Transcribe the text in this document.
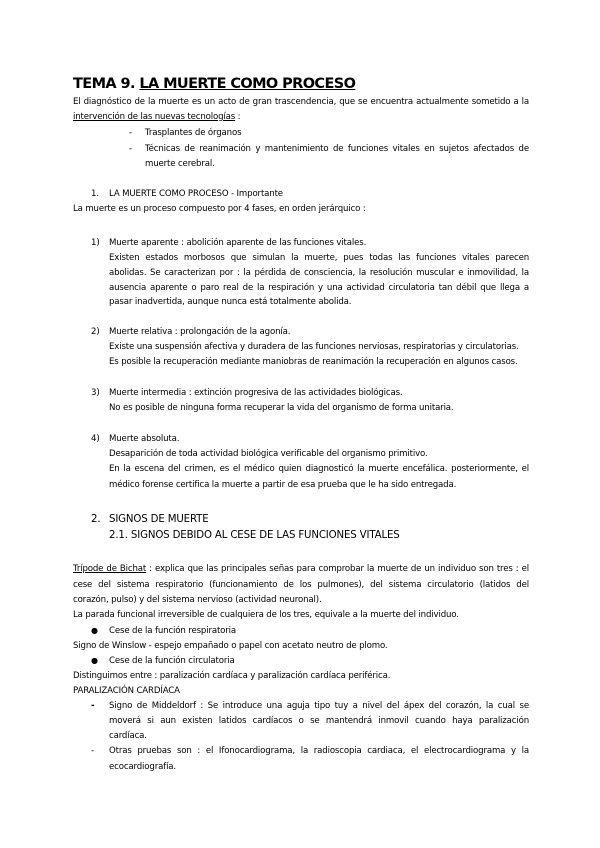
TEMA 9. LA MUERTE COMO PROCESO
El diagnóstico de la muerte es un acto de gran trascendencia, que se encuentra actualmente sometido a la
intervención de las nuevas tecnologías :
- Trasplantes de órganos
- Técnicas de reanimación y mantenimiento de funciones vitales en sujetos afectados de
muerte cerebral.
1. LA MUERTE COMO PROCESO - Importante
La muerte es un proceso compuesto por 4 fases, en orden jerárquico :
1) Muerte aparente : abolición aparente de las funciones vitales.
Existen estados morbosos que simulan la muerte, pues todas las funciones vitales parecen
abolidas. Se caracterizan por : la pérdida de consciencia, la resolución muscular e inmovilidad, la
ausencia aparente o paro real de la respiración y una actividad circulatoria tan débil que llega a
pasar inadvertida, aunque nunca está totalmente abolida.
2) Muerte relativa : prolongación de la agonía.
Existe una suspensión afectiva y duradera de las funciones nerviosas, respiratorias y circulatorias.
Es posible la recuperación mediante maniobras de reanimación la recuperación en algunos casos.
3) Muerte intermedia : extinción progresiva de las actividades biológicas.
No es posible de ninguna forma recuperar la vida del organismo de forma unitaria.
4) Muerte absoluta.
Desaparición de toda actividad biológica verificable del organismo primitivo.
En la escena del crimen, es el médico quien diagnosticó la muerte encefálica. posteriormente, el
médico forense certifica la muerte a partir de esa prueba que le ha sido entregada.
2. SIGNOS DE MUERTE
2.1. SIGNOS DEBIDO AL CESE DE LAS FUNCIONES VITALES
Trípode de Bichat : explica que las principales señas para comprobar la muerte de un individuo son tres : el
cese del sistema respiratorio (funcionamiento de los pulmones), del sistema circulatorio (latidos del
corazón, pulso) y del sistema nervioso (actividad neuronal).
La parada funcional irreversible de cualquiera de los tres, equivale a la muerte del individuo.
● Cese de la función respiratoria
Signo de Winslow - espejo empañado o papel con acetato neutro de plomo.
● Cese de la función circulatoria
Distinguimos entre : paralización cardíaca y paralización cardíaca periférica.
PARALIZACIÓN CARDÍACA
- Signo de Middeldorf : Se introduce una aguja tipo tuy a nivel del ápex del corazón, la cual se
moverá si aun existen latidos cardíacos o se mantendrá inmovil cuando haya paralización
cardíaca.
- Otras pruebas son : el Ifonocardiograma, la radioscopia cardiaca, el electrocardiograma y la
ecocardiografía.
